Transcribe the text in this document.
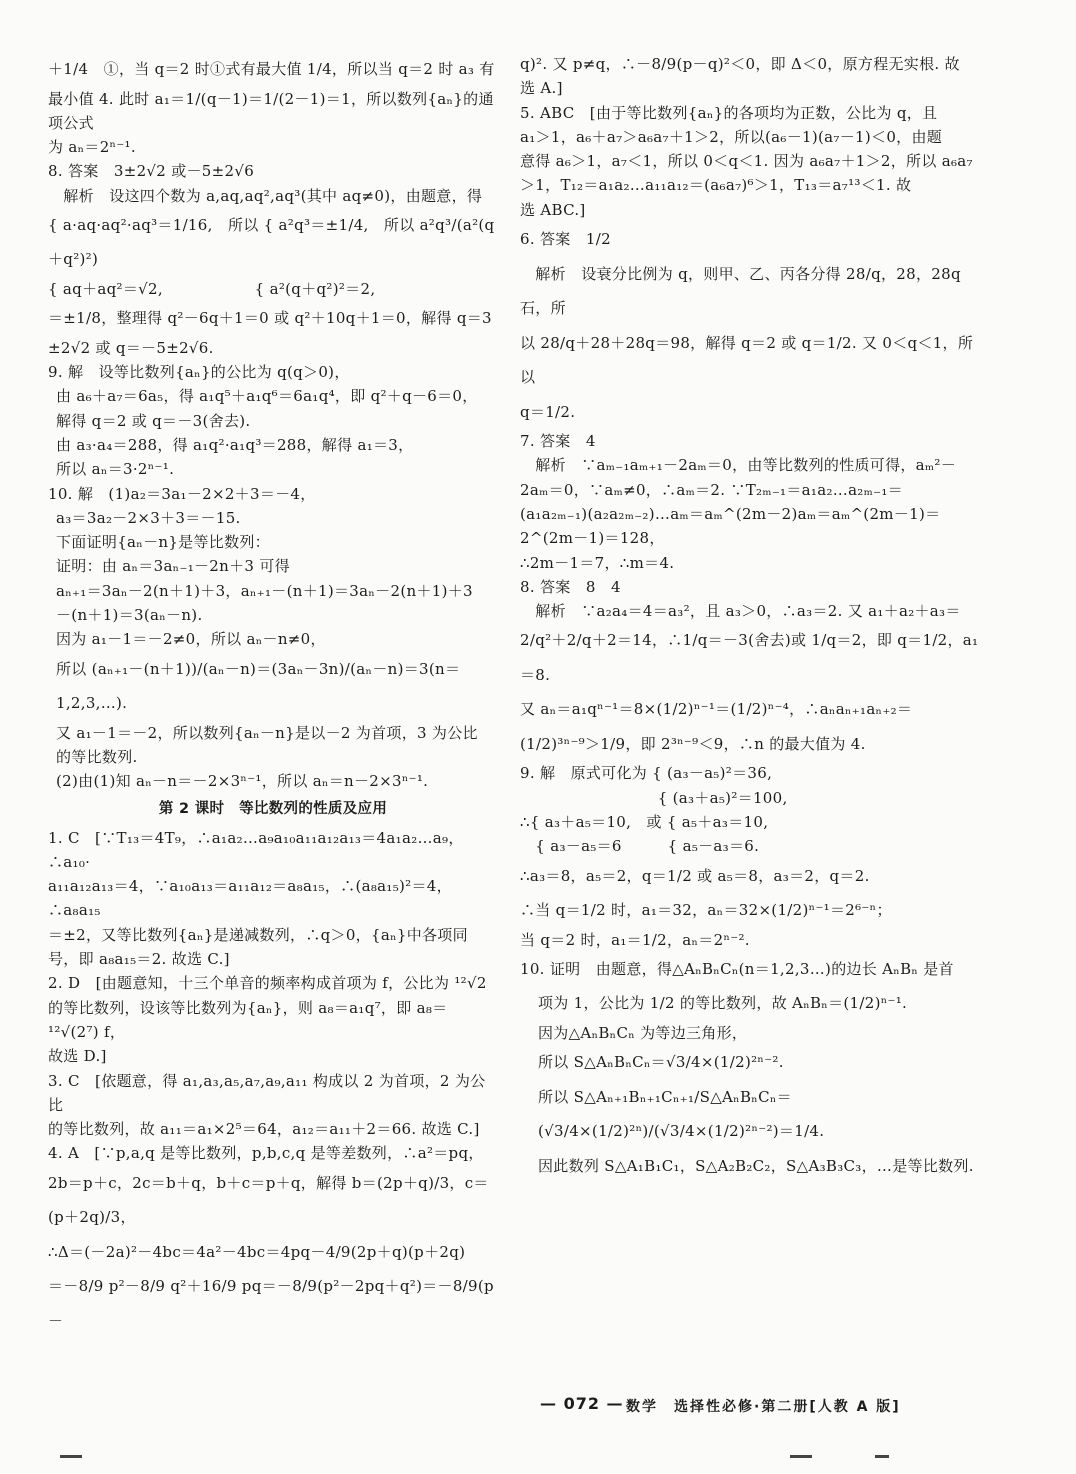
＋1/4　①，当 q＝2 时①式有最大值 1/4，所以当 q＝2 时 a₃ 有

最小值 4. 此时 a₁＝1/(q－1)＝1/(2－1)＝1，所以数列{aₙ}的通项公式

为 aₙ＝2ⁿ⁻¹.

8. 答案　3±2√2 或－5±2√6

　解析　设这四个数为 a,aq,aq²,aq³(其中 aq≠0)，由题意，得

{ a·aq·aq²·aq³＝1/16,　所以 { a²q³＝±1/4,　所以 a²q³/(a²(q＋q²)²)

{ aq＋aq²＝√2,　　　　　　{ a²(q＋q²)²＝2,

＝±1/8，整理得 q²－6q＋1＝0 或 q²＋10q＋1＝0，解得 q＝3

±2√2 或 q＝－5±2√6.

9. 解　设等比数列{aₙ}的公比为 q(q＞0)，

由 a₆＋a₇＝6a₅，得 a₁q⁵＋a₁q⁶＝6a₁q⁴，即 q²＋q－6＝0，

解得 q＝2 或 q＝－3(舍去).

由 a₃·a₄＝288，得 a₁q²·a₁q³＝288，解得 a₁＝3，

所以 aₙ＝3·2ⁿ⁻¹.

10. 解　(1)a₂＝3a₁－2×2＋3＝－4，

a₃＝3a₂－2×3＋3＝－15.

下面证明{aₙ－n}是等比数列：

证明：由 aₙ＝3aₙ₋₁－2n＋3 可得

aₙ₊₁＝3aₙ－2(n＋1)＋3，aₙ₊₁－(n＋1)＝3aₙ－2(n＋1)＋3

－(n＋1)＝3(aₙ－n).

因为 a₁－1＝－2≠0，所以 aₙ－n≠0，

所以 (aₙ₊₁－(n＋1))/(aₙ－n)＝(3aₙ－3n)/(aₙ－n)＝3(n＝1,2,3,…).

又 a₁－1＝－2，所以数列{aₙ－n}是以－2 为首项，3 为公比

的等比数列.

(2)由(1)知 aₙ－n＝－2×3ⁿ⁻¹，所以 aₙ＝n－2×3ⁿ⁻¹.

第 2 课时　等比数列的性质及应用

1. C　[∵T₁₃＝4T₉，∴a₁a₂…a₉a₁₀a₁₁a₁₂a₁₃＝4a₁a₂…a₉，∴a₁₀·

a₁₁a₁₂a₁₃＝4，∵a₁₀a₁₃＝a₁₁a₁₂＝a₈a₁₅，∴(a₈a₁₅)²＝4，∴a₈a₁₅

＝±2，又等比数列{aₙ}是递减数列，∴q＞0，{aₙ}中各项同

号，即 a₈a₁₅＝2. 故选 C.]

2. D　[由题意知，十三个单音的频率构成首项为 f，公比为 ¹²√2

的等比数列，设该等比数列为{aₙ}，则 a₈＝a₁q⁷，即 a₈＝¹²√(2⁷) f，

故选 D.]

3. C　[依题意，得 a₁,a₃,a₅,a₇,a₉,a₁₁ 构成以 2 为首项，2 为公比

的等比数列，故 a₁₁＝a₁×2⁵＝64，a₁₂＝a₁₁＋2＝66. 故选 C.]

4. A　[∵p,a,q 是等比数列，p,b,c,q 是等差数列，∴a²＝pq，

2b＝p＋c，2c＝b＋q，b＋c＝p＋q，解得 b＝(2p＋q)/3，c＝(p＋2q)/3，

∴Δ＝(－2a)²－4bc＝4a²－4bc＝4pq－4/9(2p＋q)(p＋2q)

＝－8/9 p²－8/9 q²＋16/9 pq＝－8/9(p²－2pq＋q²)＝－8/9(p－

q)². 又 p≠q，∴－8/9(p－q)²＜0，即 Δ＜0，原方程无实根. 故

选 A.]

5. ABC　[由于等比数列{aₙ}的各项均为正数，公比为 q，且

a₁＞1，a₆＋a₇＞a₆a₇＋1＞2，所以(a₆－1)(a₇－1)＜0，由题

意得 a₆＞1，a₇＜1，所以 0＜q＜1. 因为 a₆a₇＋1＞2，所以 a₆a₇

＞1，T₁₂＝a₁a₂…a₁₁a₁₂＝(a₆a₇)⁶＞1，T₁₃＝a₇¹³＜1. 故

选 ABC.]

6. 答案　1/2

　解析　设衰分比例为 q，则甲、乙、丙各分得 28/q，28，28q 石，所

以 28/q＋28＋28q＝98，解得 q＝2 或 q＝1/2. 又 0＜q＜1，所以

q＝1/2.

7. 答案　4

　解析　∵aₘ₋₁aₘ₊₁－2aₘ＝0，由等比数列的性质可得，aₘ²－

2aₘ＝0，∵aₘ≠0，∴aₘ＝2. ∵T₂ₘ₋₁＝a₁a₂…a₂ₘ₋₁＝

(a₁a₂ₘ₋₁)(a₂a₂ₘ₋₂)…aₘ＝aₘ^(2m－2)aₘ＝aₘ^(2m－1)＝2^(2m－1)＝128，

∴2m－1＝7，∴m＝4.

8. 答案　8　4

　解析　∵a₂a₄＝4＝a₃²，且 a₃＞0，∴a₃＝2. 又 a₁＋a₂＋a₃＝

2/q²＋2/q＋2＝14，∴1/q＝－3(舍去)或 1/q＝2，即 q＝1/2，a₁＝8.

又 aₙ＝a₁qⁿ⁻¹＝8×(1/2)ⁿ⁻¹＝(1/2)ⁿ⁻⁴，∴aₙaₙ₊₁aₙ₊₂＝

(1/2)³ⁿ⁻⁹＞1/9，即 2³ⁿ⁻⁹＜9，∴n 的最大值为 4.

9. 解　原式可化为 { (a₃－a₅)²＝36,

　　　　　　　　　{ (a₃＋a₅)²＝100,

∴{ a₃＋a₅＝10,　或 { a₅＋a₃＝10,

　{ a₃－a₅＝6　　　{ a₅－a₃＝6.

∴a₃＝8，a₅＝2，q＝1/2 或 a₅＝8，a₃＝2，q＝2.

∴当 q＝1/2 时，a₁＝32，aₙ＝32×(1/2)ⁿ⁻¹＝2⁶⁻ⁿ；

当 q＝2 时，a₁＝1/2，aₙ＝2ⁿ⁻².

10. 证明　由题意，得△AₙBₙCₙ(n＝1,2,3…)的边长 AₙBₙ 是首

项为 1，公比为 1/2 的等比数列，故 AₙBₙ＝(1/2)ⁿ⁻¹.

因为△AₙBₙCₙ 为等边三角形，

所以 S△AₙBₙCₙ＝√3/4×(1/2)²ⁿ⁻².

所以 S△Aₙ₊₁Bₙ₊₁Cₙ₊₁/S△AₙBₙCₙ＝(√3/4×(1/2)²ⁿ)/(√3/4×(1/2)²ⁿ⁻²)＝1/4.

因此数列 S△A₁B₁C₁，S△A₂B₂C₂，S△A₃B₃C₃，…是等比数列.

— 072 — 数学　选择性必修·第二册[人教 A 版]
